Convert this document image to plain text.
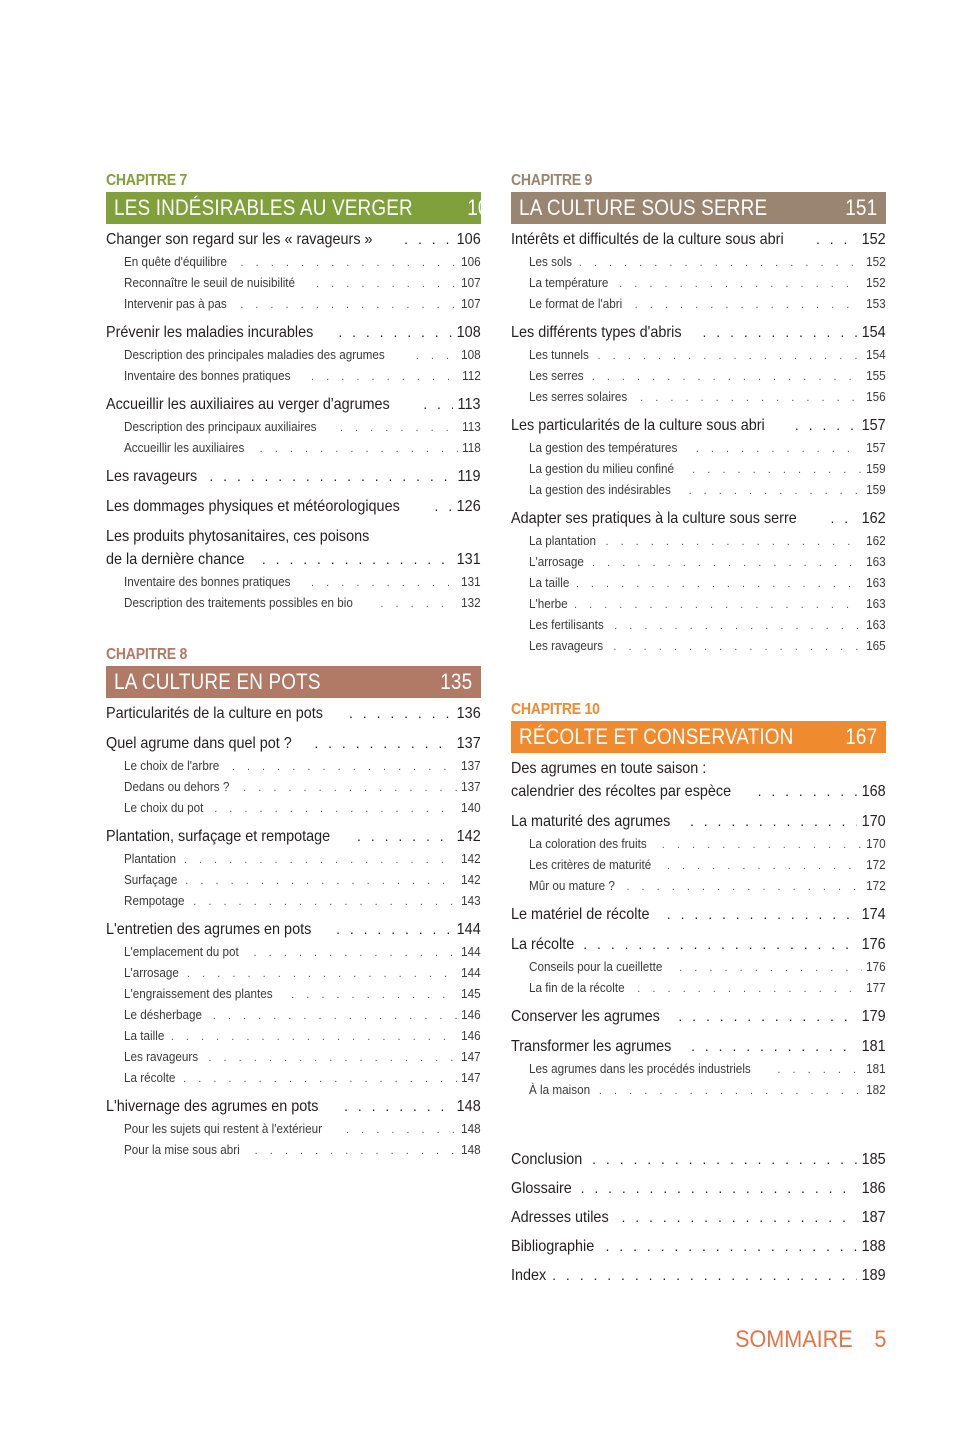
CHAPITRE 7
LES INDÉSIRABLES AU VERGER 105
Changer son regard sur les « ravageurs » . . .	106
En quête d'équilibre . . .	106
Reconnaître le seuil de nuisibilité . . .	107
Intervenir pas à pas . . .	107
Prévenir les maladies incurables . . .	108
Description des principales maladies des agrumes . . .	108
Inventaire des bonnes pratiques . . .	112
Accueillir les auxiliaires au verger d'agrumes . . .	113
Description des principaux auxiliaires . . .	113
Accueillir les auxiliaires . . .	118
Les ravageurs . . .	119
Les dommages physiques et météorologiques . . .	126
Les produits phytosanitaires, ces poisons
de la dernière chance . . .	131
Inventaire des bonnes pratiques . . .	131
Description des traitements possibles en bio . . .	132
CHAPITRE 8
LA CULTURE EN POTS	135
Particularités de la culture en pots . . .	136
Quel agrume dans quel pot ? . . .	137
Le choix de l'arbre . . .	137
Dedans ou dehors ? . . .	137
Le choix du pot . . .	140
Plantation, surfaçage et rempotage . . .	142
Plantation . . .	142
Surfaçage . . .	142
Rempotage . . .	143
L'entretien des agrumes en pots . . .	144
L'emplacement du pot . . .	144
L'arrosage . . .	144
L'engraissement des plantes . . .	145
Le désherbage . . .	146
La taille . . .	146
Les ravageurs . . .	147
La récolte . . .	147
L'hivernage des agrumes en pots . . .	148
Pour les sujets qui restent à l'extérieur . . .	148
Pour la mise sous abri . . .	148
CHAPITRE 9
LA CULTURE SOUS SERRE	151
Intérêts et difficultés de la culture sous abri . . .	152
Les sols . . .	152
La température . . .	152
Le format de l'abri . . .	153
Les différents types d'abris . . .	154
Les tunnels . . .	154
Les serres . . .	155
Les serres solaires . . .	156
Les particularités de la culture sous abri . . .	157
La gestion des températures . . .	157
La gestion du milieu confiné . . .	159
La gestion des indésirables . . .	159
Adapter ses pratiques à la culture sous serre . . .	162
La plantation . . .	162
L'arrosage . . .	163
La taille . . .	163
L'herbe . . .	163
Les fertilisants . . .	163
Les ravageurs . . .	165
CHAPITRE 10
RÉCOLTE ET CONSERVATION 167
Des agrumes en toute saison :
calendrier des récoltes par espèce . . .	168
La maturité des agrumes . . .	170
La coloration des fruits . . .	170
Les critères de maturité . . .	172
Mûr ou mature ? . . .	172
Le matériel de récolte . . .	174
La récolte . . .	176
Conseils pour la cueillette . . .	176
La fin de la récolte . . .	177
Conserver les agrumes . . .	179
Transformer les agrumes . . .	181
Les agrumes dans les procédés industriels . . .	181
À la maison . . .	182
Conclusion . . .	185
Glossaire . . .	186
Adresses utiles . . .	187
Bibliographie . . .	188
Index . . .	189
SOMMAIRE 5
